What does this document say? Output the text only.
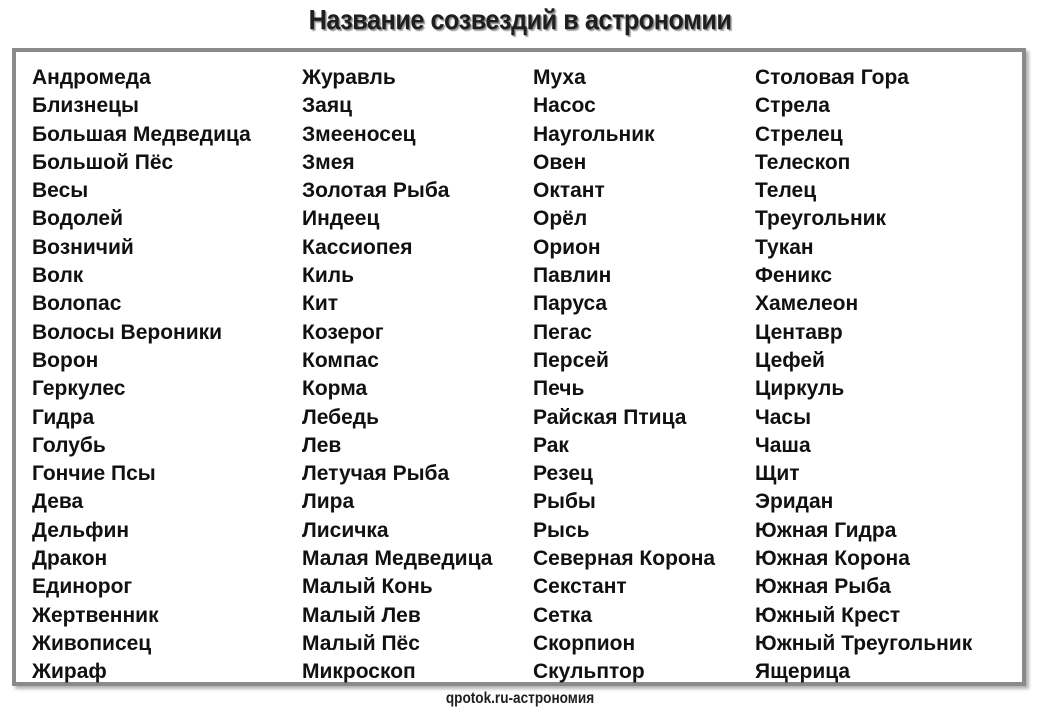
Название созвездий в астрономии
Андромеда
Близнецы
Большая Медведица
Большой Пёс
Весы
Водолей
Возничий
Волк
Волопас
Волосы Вероники
Ворон
Геркулес
Гидра
Голубь
Гончие Псы
Дева
Дельфин
Дракон
Единорог
Жертвенник
Живописец
Жираф
Журавль
Заяц
Змееносец
Змея
Золотая Рыба
Индеец
Кассиопея
Киль
Кит
Козерог
Компас
Корма
Лебедь
Лев
Летучая Рыба
Лира
Лисичка
Малая Медведица
Малый Конь
Малый Лев
Малый Пёс
Микроскоп
Муха
Насос
Наугольник
Овен
Октант
Орёл
Орион
Павлин
Паруса
Пегас
Персей
Печь
Райская Птица
Рак
Резец
Рыбы
Рысь
Северная Корона
Секстант
Сетка
Скорпион
Скульптор
Столовая Гора
Стрела
Стрелец
Телескоп
Телец
Треугольник
Тукан
Феникс
Хамелеон
Центавр
Цефей
Циркуль
Часы
Чаша
Щит
Эридан
Южная Гидра
Южная Корона
Южная Рыба
Южный Крест
Южный Треугольник
Ящерица
qpotok.ru-астрономия
